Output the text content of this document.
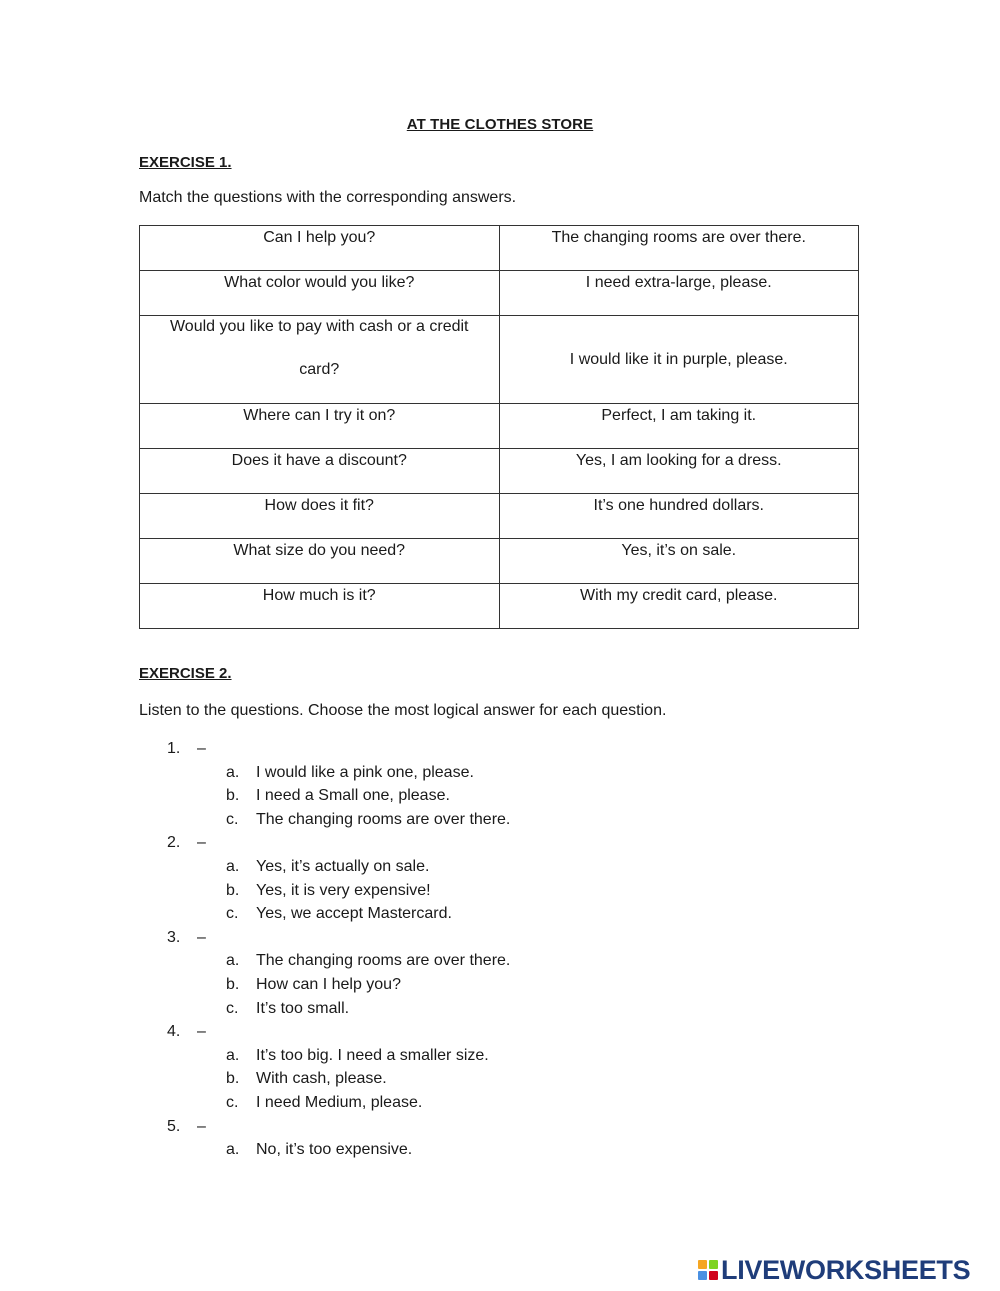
AT THE CLOTHES STORE
EXERCISE 1.
Match the questions with the corresponding answers.
Can I help you?	The changing rooms are over there.

What color would you like?	I need extra-large, please.

Would you like to pay with cash or a credit card?	I would like it in purple, please.

Where can I try it on?	Perfect, I am taking it.

Does it have a discount?	Yes, I am looking for a dress.

How does it fit?	It’s one hundred dollars.

What size do you need?	Yes, it’s on sale.

How much is it?	With my credit card, please.
EXERCISE 2.
Listen to the questions. Choose the most logical answer for each question.
1. –
a. I would like a pink one, please.
b. I need a Small one, please.
c. The changing rooms are over there.
2. –
a. Yes, it’s actually on sale.
b. Yes, it is very expensive!
c. Yes, we accept Mastercard.
3. –
a. The changing rooms are over there.
b. How can I help you?
c. It’s too small.
4. –
a. It’s too big. I need a smaller size.
b. With cash, please.
c. I need Medium, please.
5. –
a. No, it’s too expensive.
LIVEWORKSHEETS
